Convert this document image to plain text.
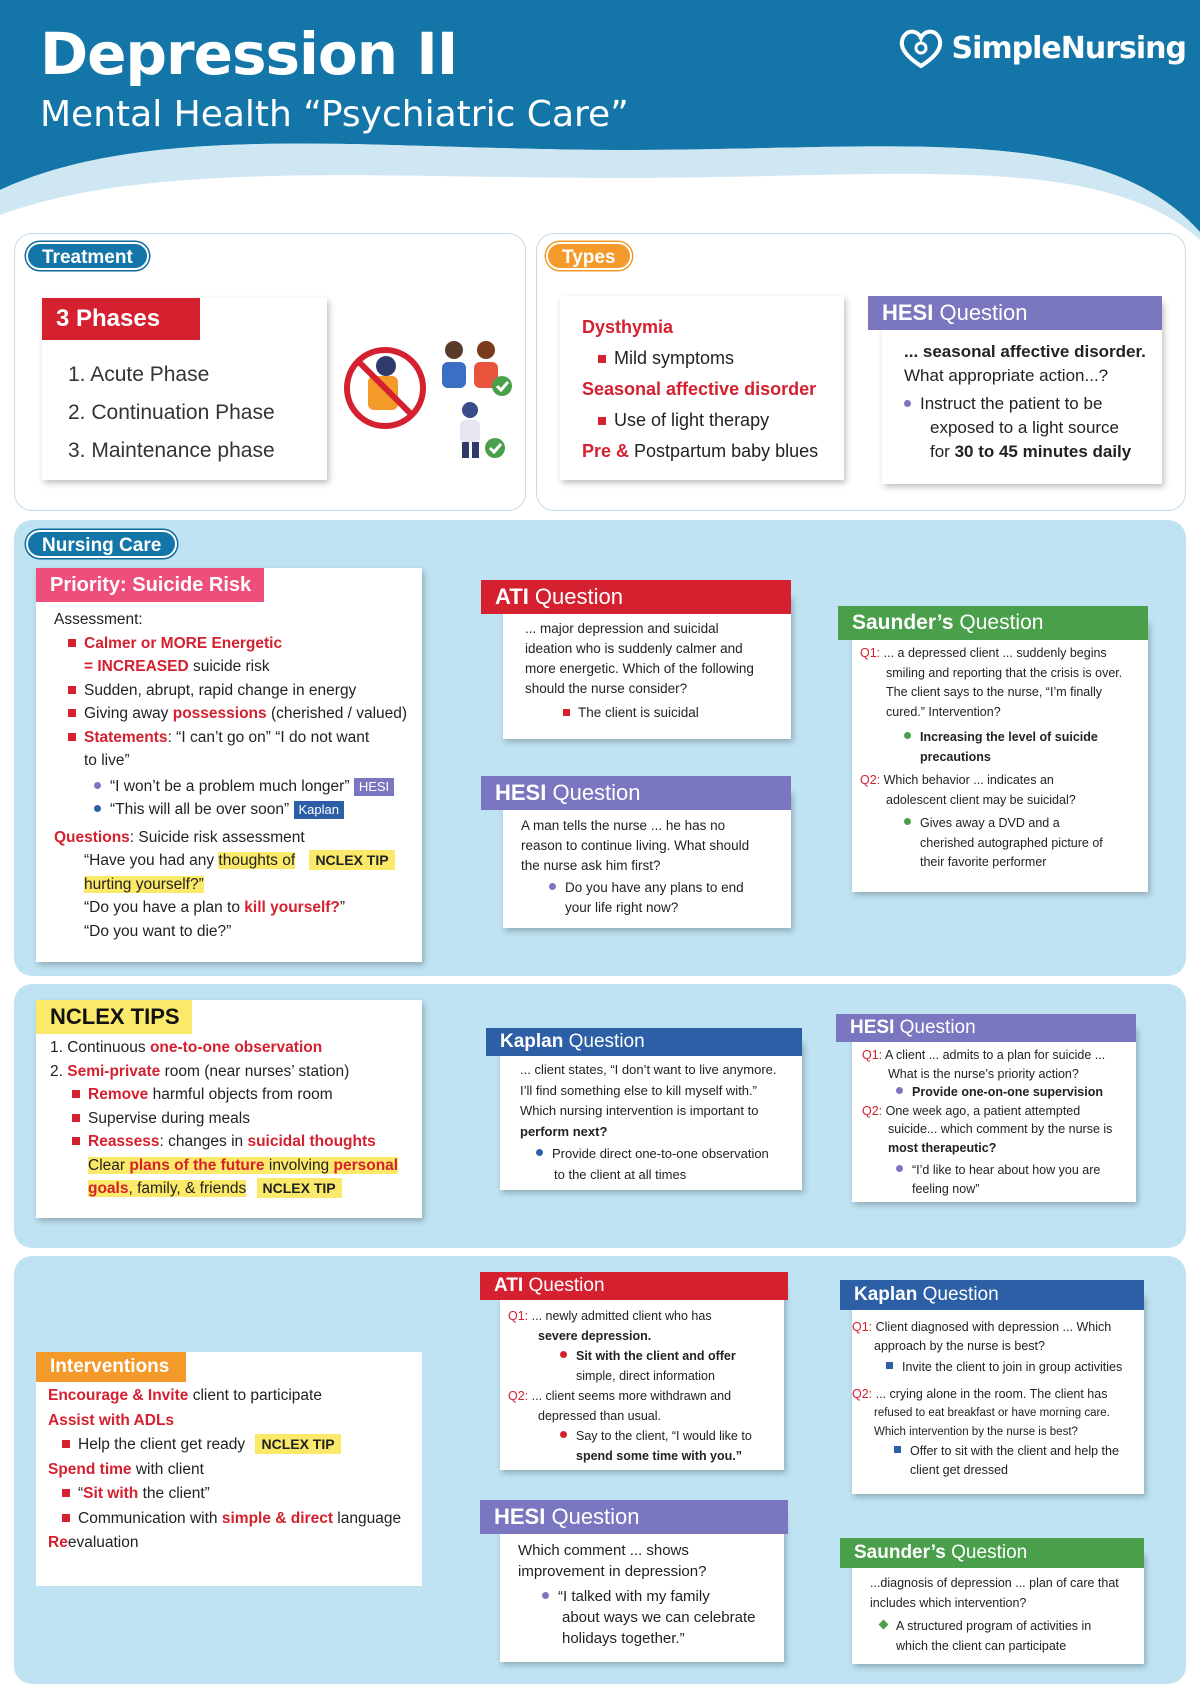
Depression II
Mental Health “Psychiatric Care”
SimpleNursing
Treatment
3 Phases
1. Acute Phase
2. Continuation Phase
3. Maintenance phase
Types
Dysthymia
Mild symptoms
Seasonal affective disorder
Use of light therapy
Pre & Postpartum baby blues
HESI Question
... seasonal affective disorder.
What appropriate action...?
Instruct the patient to be
exposed to a light source
for 30 to 45 minutes daily
Nursing Care
Priority: Suicide Risk
Assessment:
Calmer or MORE Energetic
= INCREASED suicide risk
Sudden, abrupt, rapid change in energy
Giving away possessions (cherished / valued)
Statements: “I can’t go on” “I do not want
to live”
“I won’t be a problem much longer” HESI
“This will all be over soon” Kaplan
Questions: Suicide risk assessment
“Have you had any thoughts of NCLEX TIP
hurting yourself?”
“Do you have a plan to kill yourself?”
“Do you want to die?”
ATI Question
... major depression and suicidal
ideation who is suddenly calmer and
more energetic. Which of the following
should the nurse consider?
The client is suicidal
HESI Question
A man tells the nurse ... he has no
reason to continue living. What should
the nurse ask him first?
Do you have any plans to end
your life right now?
Saunder’s Question
Q1: ... a depressed client ... suddenly begins
smiling and reporting that the crisis is over.
The client says to the nurse, “I’m finally
cured.” Intervention?
Increasing the level of suicide
precautions
Q2: Which behavior ... indicates an
adolescent client may be suicidal?
Gives away a DVD and a
cherished autographed picture of
their favorite performer
NCLEX TIPS
1. Continuous one-to-one observation
2. Semi-private room (near nurses’ station)
Remove harmful objects from room
Supervise during meals
Reassess: changes in suicidal thoughts
Clear plans of the future involving personal
goals, family, & friends NCLEX TIP
Kaplan Question
... client states, “I don’t want to live anymore.
I’ll find something else to kill myself with.”
Which nursing intervention is important to
perform next?
Provide direct one-to-one observation
to the client at all times
HESI Question
Q1: A client ... admits to a plan for suicide ...
What is the nurse’s priority action?
Provide one-on-one supervision
Q2: One week ago, a patient attempted
suicide... which comment by the nurse is
most therapeutic?
“I’d like to hear about how you are
feeling now”
Interventions
Encourage & Invite client to participate
Assist with ADLs
Help the client get ready NCLEX TIP
Spend time with client
“Sit with the client”
Communication with simple & direct language
Reevaluation
ATI Question
Q1: ... newly admitted client who has
severe depression.
Sit with the client and offer
simple, direct information
Q2: ... client seems more withdrawn and
depressed than usual.
Say to the client, “I would like to
spend some time with you.”
HESI Question
Which comment ... shows
improvement in depression?
“I talked with my family
about ways we can celebrate
holidays together.”
Kaplan Question
Q1: Client diagnosed with depression ... Which
approach by the nurse is best?
Invite the client to join in group activities
Q2: ... crying alone in the room. The client has
refused to eat breakfast or have morning care.
Which intervention by the nurse is best?
Offer to sit with the client and help the
client get dressed
Saunder’s Question
...diagnosis of depression ... plan of care that
includes which intervention?
A structured program of activities in
which the client can participate
